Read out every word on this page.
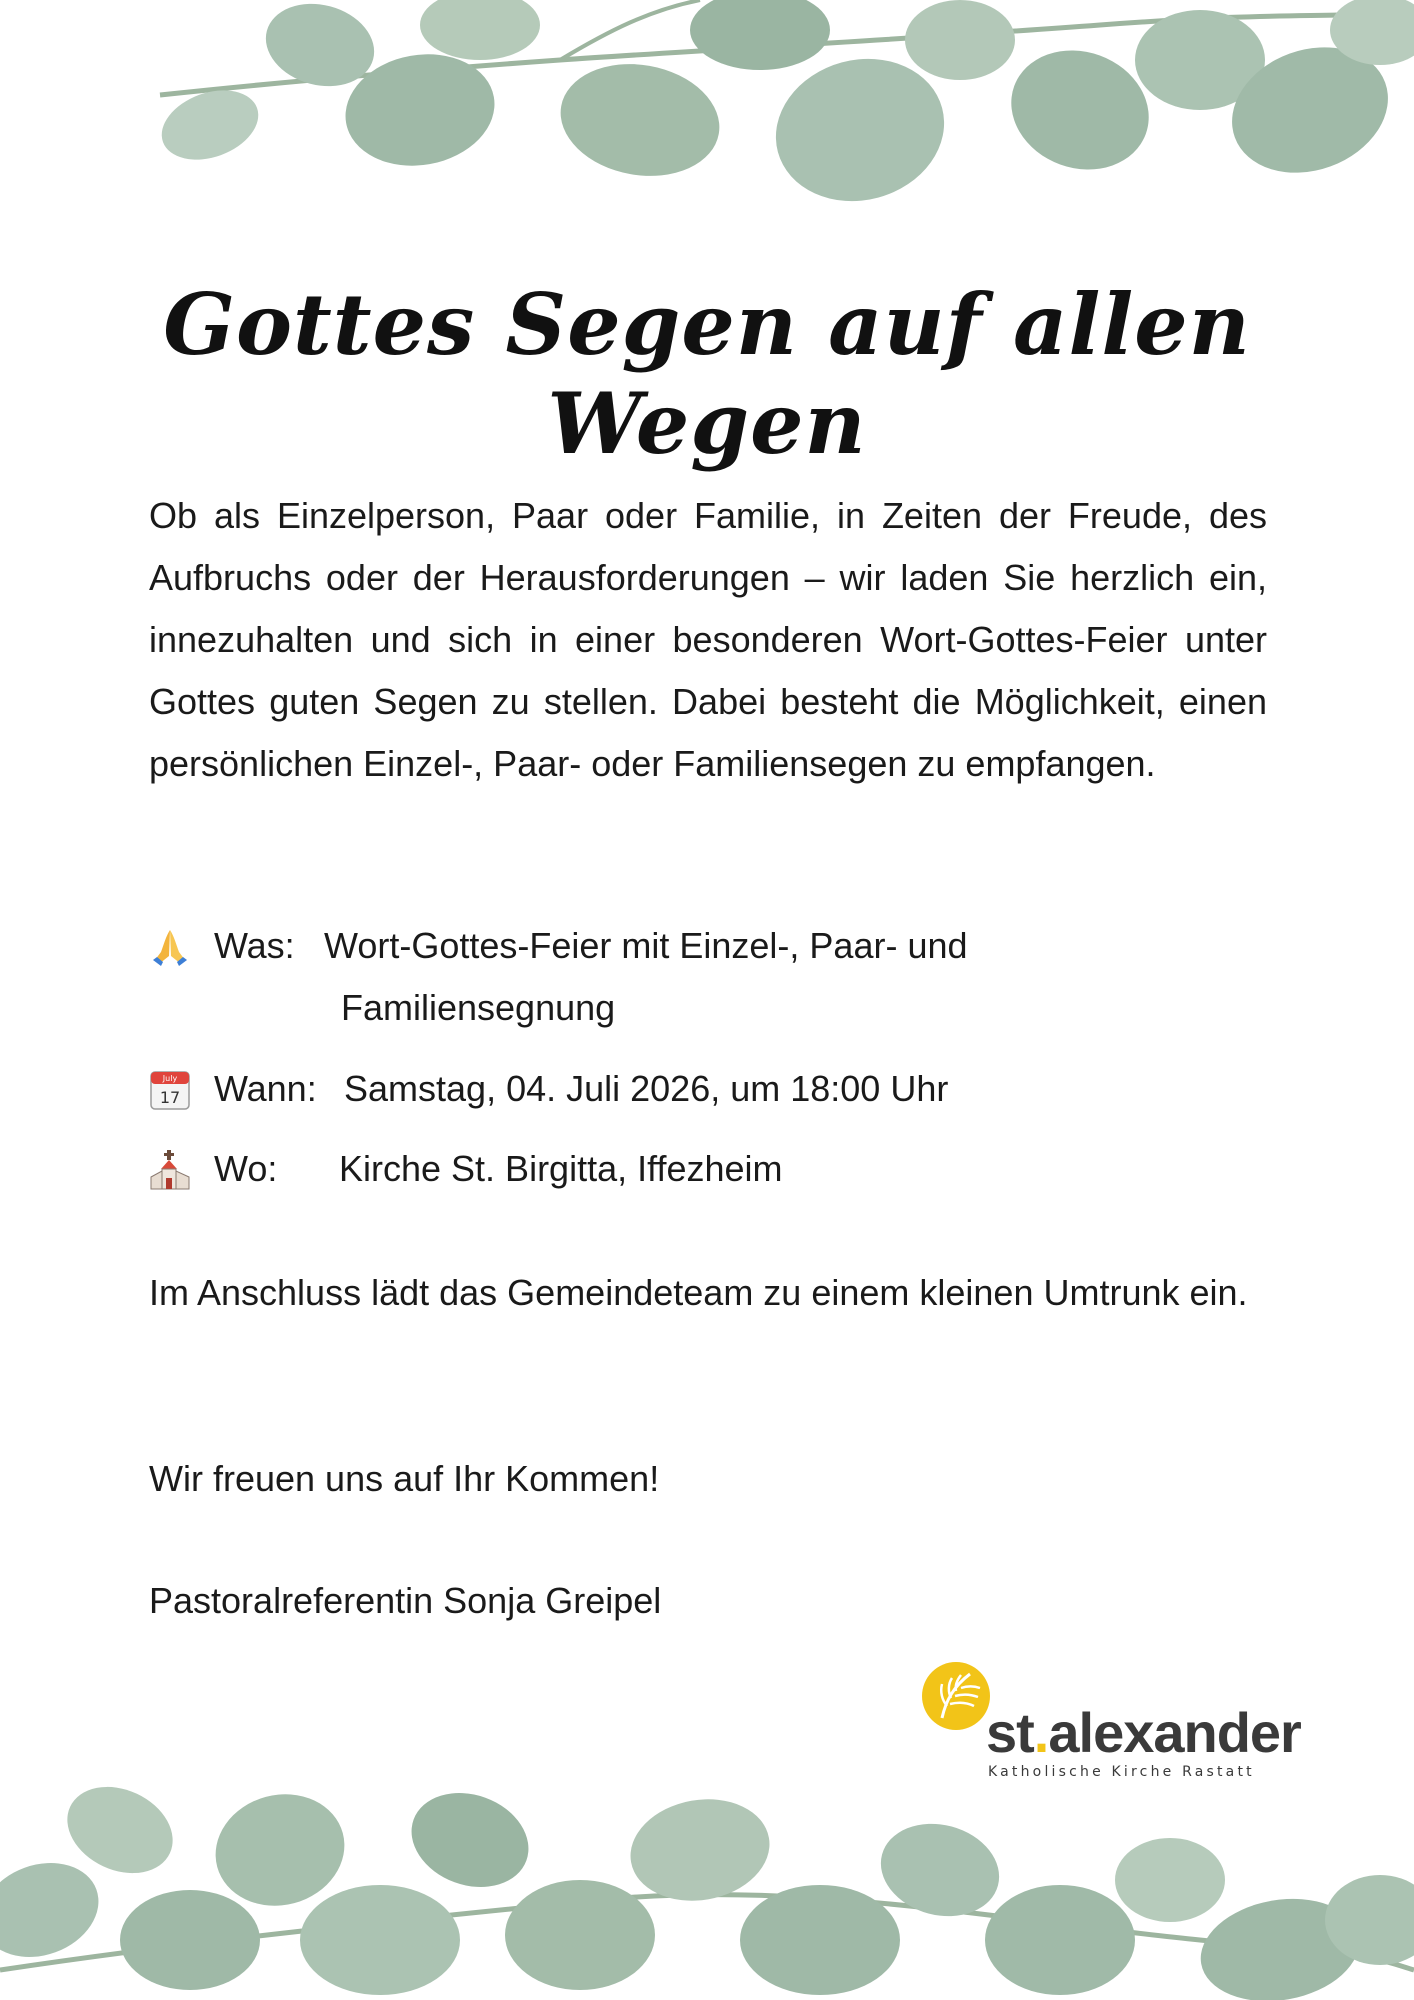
Gottes Segen auf allen Wegen

Ob als Einzelperson, Paar oder Familie, in Zeiten der Freude, des Aufbruchs oder der Herausforderungen – wir laden Sie herzlich ein, innezuhalten und sich in einer besonderen Wort-Gottes-Feier unter Gottes guten Segen zu stellen. Dabei besteht die Möglichkeit, einen persönlichen Einzel-, Paar- oder Familiensegen zu empfangen.

Was: Wort-Gottes-Feier mit Einzel-, Paar- und
Familiensegnung
July
17 Wann: Samstag, 04. Juli 2026, um 18:00 Uhr
Wo: Kirche St. Birgitta, Iffezheim

Im Anschluss lädt das Gemeindeteam zu einem kleinen Umtrunk ein.

Wir freuen uns auf Ihr Kommen!

Pastoralreferentin Sonja Greipel

st.alexander
Katholische Kirche Rastatt
